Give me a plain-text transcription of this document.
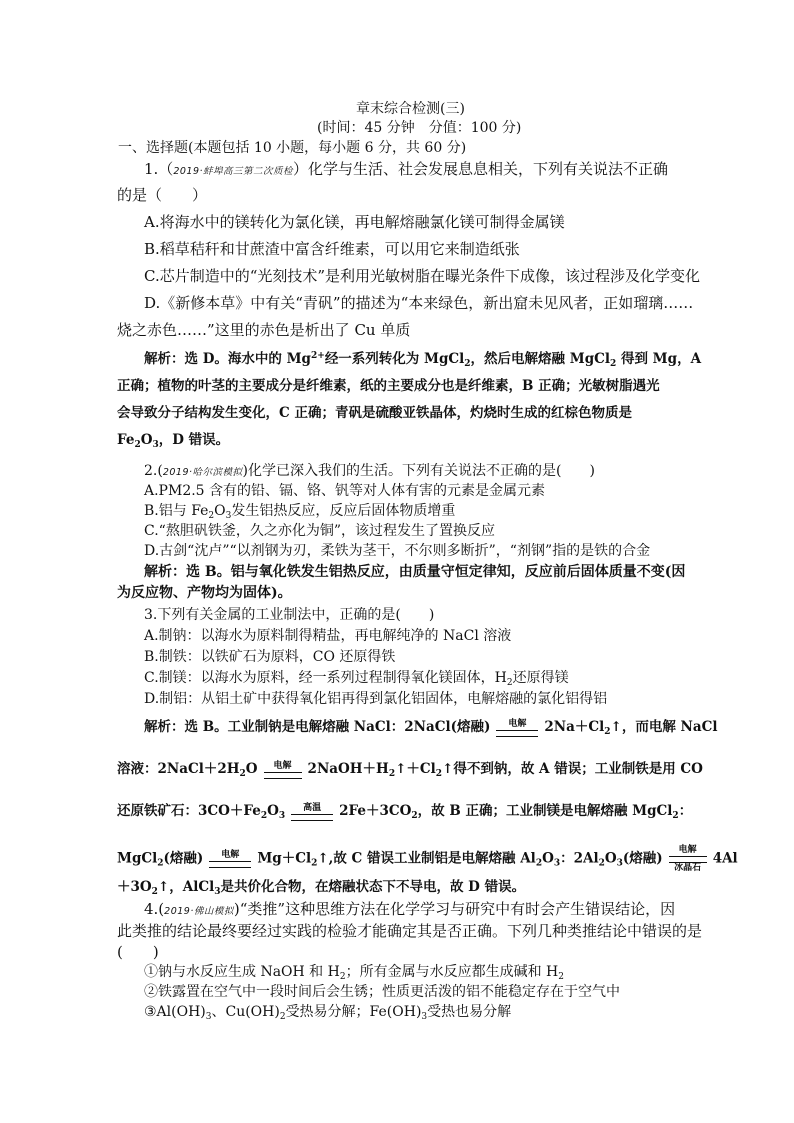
章末综合检测(三)
(时间：45 分钟　分值：100 分)
一、选择题(本题包括 10 小题，每小题 6 分，共 60 分)
1.（2019·蚌埠高三第二次质检）化学与生活、社会发展息息相关，下列有关说法不正确
的是（　　）
A.将海水中的镁转化为氯化镁，再电解熔融氯化镁可制得金属镁
B.稻草秸秆和甘蔗渣中富含纤维素，可以用它来制造纸张
C.芯片制造中的“光刻技术”是利用光敏树脂在曝光条件下成像，该过程涉及化学变化
D.《新修本草》中有关“青矾”的描述为“本来绿色，新出窟未见风者，正如瑠璃……
烧之赤色……”这里的赤色是析出了 Cu 单质
解析：选 D。海水中的 $Mg^{2+}$经一系列转化为 MgCl$_2$，然后电解熔融 MgCl$_2$ 得到 Mg，A
正确；植物的叶茎的主要成分是纤维素，纸的主要成分也是纤维素，B 正确；光敏树脂遇光
会导致分子结构发生变化，C 正确；青矾是硫酸亚铁晶体，灼烧时生成的红棕色物质是
$Fe_2O_3$，D 错误。
2.(2019·哈尔滨模拟)化学已深入我们的生活。下列有关说法不正确的是(　　)
A.PM2.5 含有的铅、镉、铬、钒等对人体有害的元素是金属元素
B.铝与 $Fe_2O_3$发生铝热反应，反应后固体物质增重
C.“熬胆矾铁釜，久之亦化为铜”，该过程发生了置换反应
D.古剑“沈卢”“以剂钢为刃，柔铁为茎干，不尔则多断折”，“剂钢”指的是铁的合金
解析：选 B。铝与氧化铁发生铝热反应，由质量守恒定律知，反应前后固体质量不变(因
为反应物、产物均为固体)。
3.下列有关金属的工业制法中，正确的是(　　)
A.制钠：以海水为原料制得精盐，再电解纯净的 NaCl 溶液
B.制铁：以铁矿石为原料，CO 还原得铁
C.制镁：以海水为原料，经一系列过程制得氧化镁固体，$H_2$还原得镁
D.制铝：从铝土矿中获得氧化铝再得到氯化铝固体，电解熔融的氯化铝得铝
解析：选 B。工业制钠是电解熔融 NaCl：2NaCl(熔融)	电解	$2Na+Cl_2↑$，而电解 NaCl
溶液：$2NaCl+2H_2O$	电解	$2NaOH+H_2↑+Cl_2↑$得不到钠，故 A 错误；工业制铁是用 CO
还原铁矿石：$3CO+Fe_2O_3$
高温	$2Fe+3CO_2$，故 B 正确；工业制镁是电解熔融 MgCl$_2$：
MgCl$_2$(熔融)	电解	$Mg+Cl_2↑$,故 C 错误工业制铝是电解熔融 $Al_2O_3$：$2Al_2O_3$(熔融)
电解
冰晶石
4Al
$+3O_2↑$，AlCl$_3$是共价化合物，在熔融状态下不导电，故 D 错误。
4.(2019·佛山模拟)“类推”这种思维方法在化学学习与研究中有时会产生错误结论，因
此类推的结论最终要经过实践的检验才能确定其是否正确。下列几种类推结论中错误的是
(　　)
①钠与水反应生成 NaOH 和 $H_2$；所有金属与水反应都生成碱和 $H_2$
②铁露置在空气中一段时间后会生锈；性质更活泼的铝不能稳定存在于空气中
$③Al(OH)_3$、$Cu(OH)_2$受热易分解；$Fe(OH)_3$受热也易分解
